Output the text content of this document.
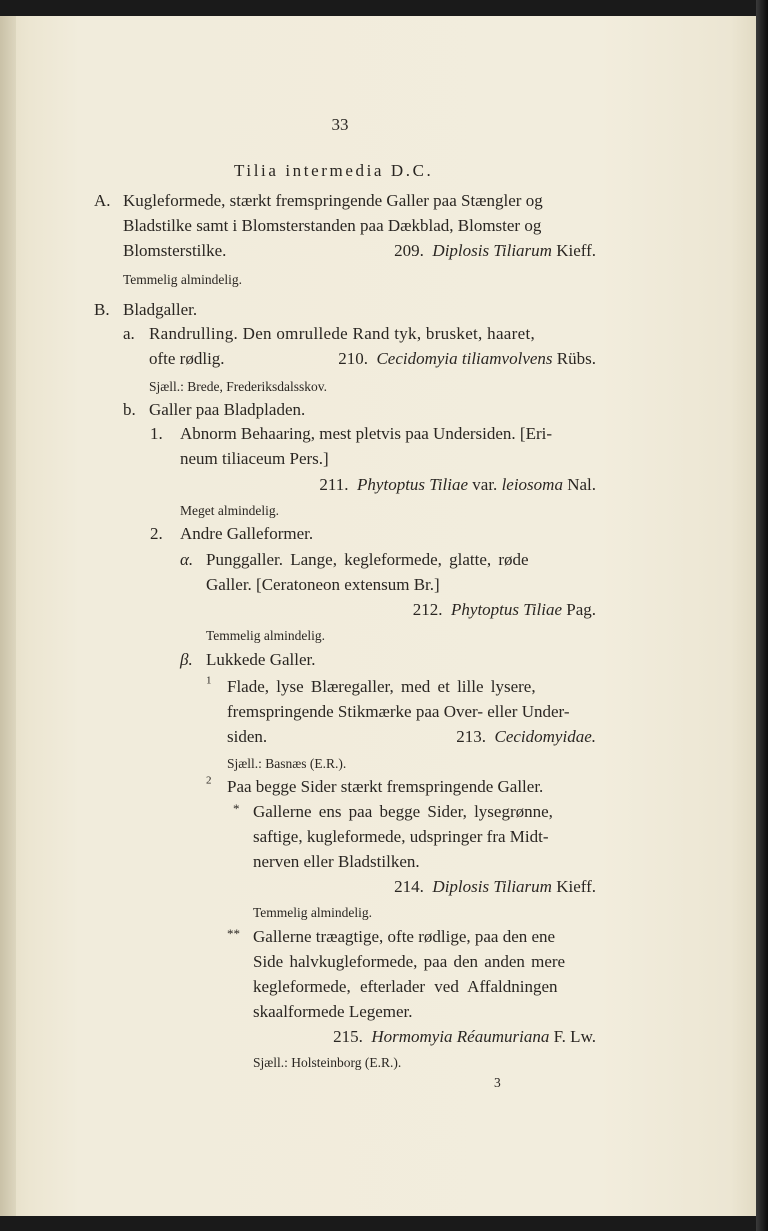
33
Tilia intermedia D.C.
A. Kugleformede, stærkt fremspringende Galler paa Stængler og
Bladstilke samt i Blomsterstanden paa Dækblad, Blomster og
Blomsterstilke.	209. Diplosis Tiliarum Kieff.
Temmelig almindelig.
B. Bladgaller.
a. Randrulling. Den omrullede Rand tyk, brusket, haaret,
ofte rødlig.	210. Cecidomyia tiliamvolvens Rübs.
Sjæll.: Brede, Frederiksdalsskov.
b. Galler paa Bladpladen.
1. Abnorm Behaaring, mest pletvis paa Undersiden. [Eri-
neum tiliaceum Pers.]
211. Phytoptus Tiliae var. leiosoma Nal.
Meget almindelig.
2. Andre Galleformer.
α. Punggaller. Lange, kegleformede, glatte, røde
Galler. [Ceratoneon extensum Br.]
212. Phytoptus Tiliae Pag.
Temmelig almindelig.
β. Lukkede Galler.
$^1$ Flade, lyse Blæregaller, med et lille lysere,
fremspringende Stikmærke paa Over- eller Under-
siden.	213. Cecidomyidae.
Sjæll.: Basnæs (E.R.).
$^2$ Paa begge Sider stærkt fremspringende Galler.
* Gallerne ens paa begge Sider, lysegrønne,
saftige, kugleformede, udspringer fra Midt-
nerven eller Bladstilken.
214. Diplosis Tiliarum Kieff.
Temmelig almindelig.
** Gallerne træagtige, ofte rødlige, paa den ene
Side halvkugleformede, paa den anden mere
kegleformede, efterlader ved Affaldningen
skaalformede Legemer.
215. Hormomyia Réaumuriana F. Lw.
Sjæll.: Holsteinborg (E.R.).
3
